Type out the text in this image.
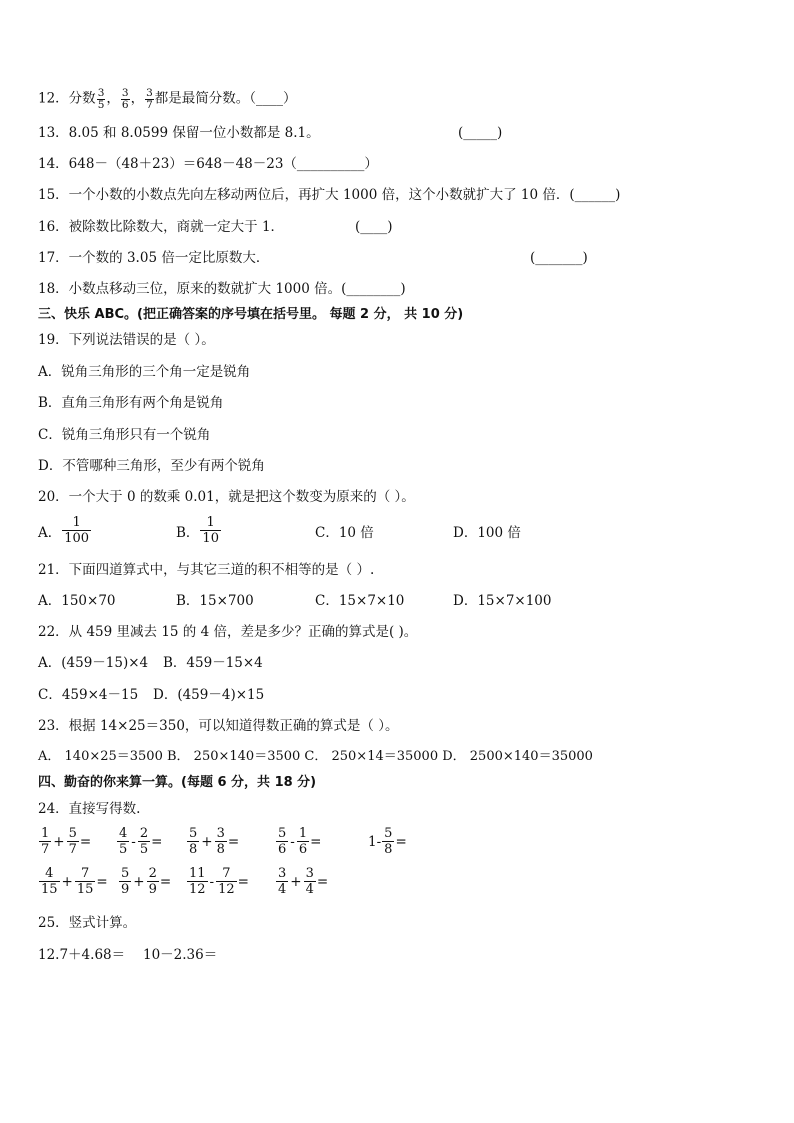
12．分数 $\frac{3}{5}$ ， $\frac{3}{6}$ ， $\frac{3}{7}$ 都是最简分数。（____）
13．8.05 和 8.0599 保留一位小数都是 8.1。	(_____)
14．648－（48＋23）＝648－48－23（__________）
15．一个小数的小数点先向左移动两位后，再扩大 1000 倍，这个小数就扩大了 10 倍．(______)
16．被除数比除数大，商就一定大于 1．	(____)
17．一个数的 3.05 倍一定比原数大．	(_______)
18．小数点移动三位，原来的数就扩大 1000 倍。(________)
三、快乐 ABC。(把正确答案的序号填在括号里。 每题 2 分， 共 10 分)
19．下列说法错误的是（ ）。
A．锐角三角形的三个角一定是锐角
B．直角三角形有两个角是锐角
C．锐角三角形只有一个锐角
D．不管哪种三角形，至少有两个锐角
20．一个大于 0 的数乘 0.01，就是把这个数变为原来的（ ）。
A． $\frac{1}{100}$	B． $\frac{1}{10}$	C．10 倍	D．100 倍
21．下面四道算式中，与其它三道的积不相等的是（ ）.
A．150×70	B．15×700	C．15×7×10	D．15×7×100
22．从 459 里减去 15 的 4 倍，差是多少？正确的算式是( )。
A．(459－15)×4 B．459－15×4
C．459×4－15 D．(459－4)×15
23．根据 14×25＝350，可以知道得数正确的算式是（ ）。
A． 140×25＝3500 B． 250×140＝3500 C． 250×14＝35000 D． 2500×140＝35000
四、勤奋的你来算一算。(每题 6 分，共 18 分)
24．直接写得数.
$\frac{1}{7} + \frac{5}{7} = \frac{4}{5} - \frac{2}{5} = \frac{5}{8} + \frac{3}{8}$ =	$\frac{5}{6} - \frac{1}{6}$ =	$1- \frac{5}{8}$ =
$\frac{4}{15} + \frac{7}{15} = \frac{5}{9} + \frac{2}{9} = \frac{11}{12} - \frac{7}{12} = \frac{3}{4} + \frac{3}{4}$ =
25．竖式计算。
12.7＋4.68＝ 10－2.36＝
